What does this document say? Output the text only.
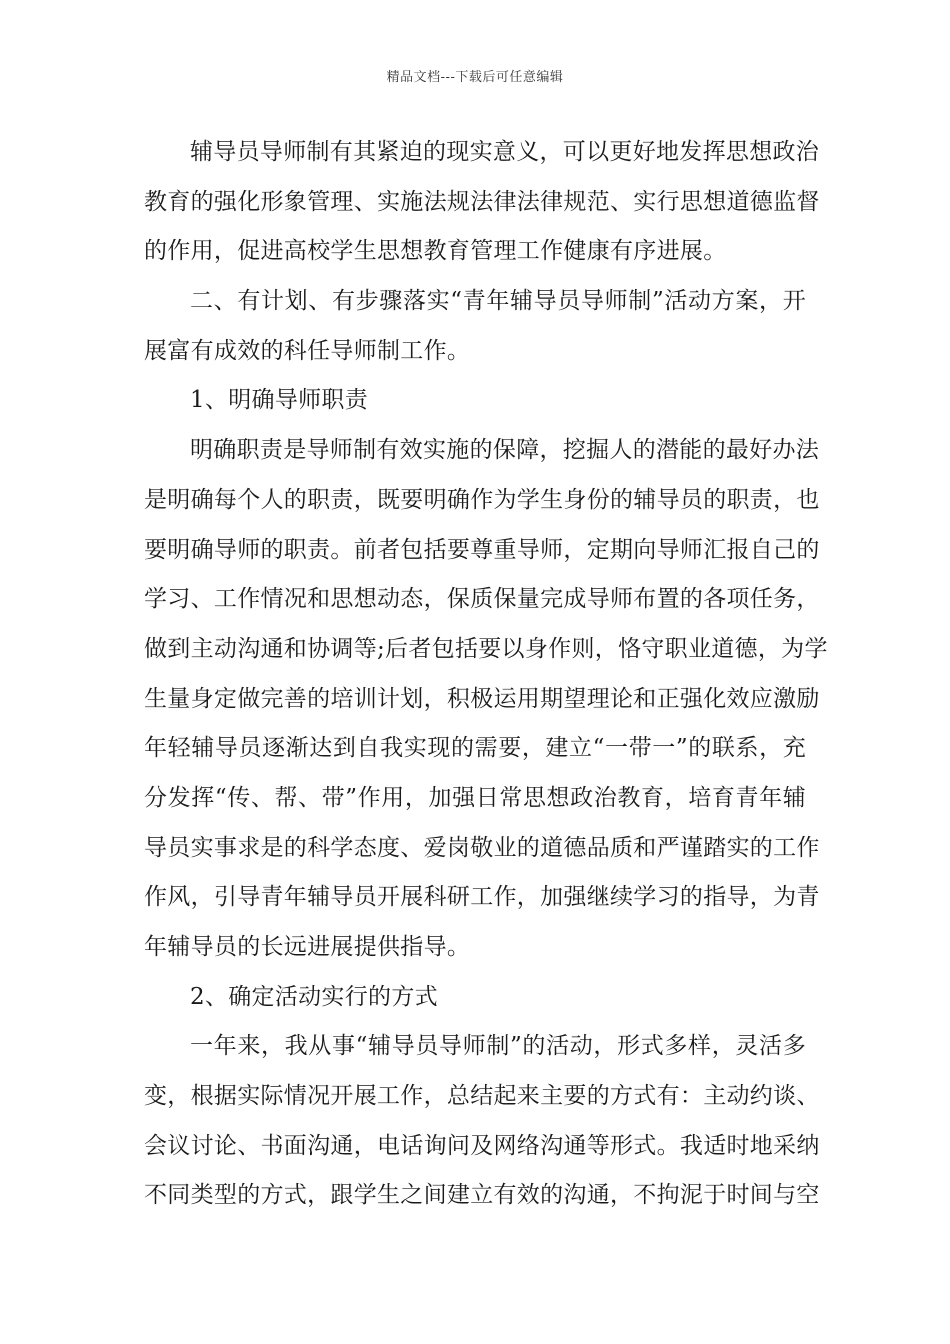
精品文档---下载后可任意编辑
辅导员导师制有其紧迫的现实意义，可以更好地发挥思想政治
教育的强化形象管理、实施法规法律法律规范、实行思想道德监督
的作用，促进高校学生思想教育管理工作健康有序进展。
二、有计划、有步骤落实“青年辅导员导师制”活动方案，开
展富有成效的科任导师制工作。
1、明确导师职责
明确职责是导师制有效实施的保障，挖掘人的潜能的最好办法
是明确每个人的职责，既要明确作为学生身份的辅导员的职责，也
要明确导师的职责。前者包括要尊重导师，定期向导师汇报自己的
学习、工作情况和思想动态，保质保量完成导师布置的各项任务，
做到主动沟通和协调等;后者包括要以身作则，恪守职业道德，为学
生量身定做完善的培训计划，积极运用期望理论和正强化效应激励
年轻辅导员逐渐达到自我实现的需要，建立“一带一”的联系，充
分发挥“传、帮、带”作用，加强日常思想政治教育，培育青年辅
导员实事求是的科学态度、爱岗敬业的道德品质和严谨踏实的工作
作风，引导青年辅导员开展科研工作，加强继续学习的指导，为青
年辅导员的长远进展提供指导。
2、确定活动实行的方式
一年来，我从事“辅导员导师制”的活动，形式多样，灵活多
变，根据实际情况开展工作，总结起来主要的方式有：主动约谈、
会议讨论、书面沟通，电话询问及网络沟通等形式。我适时地采纳
不同类型的方式，跟学生之间建立有效的沟通，不拘泥于时间与空
